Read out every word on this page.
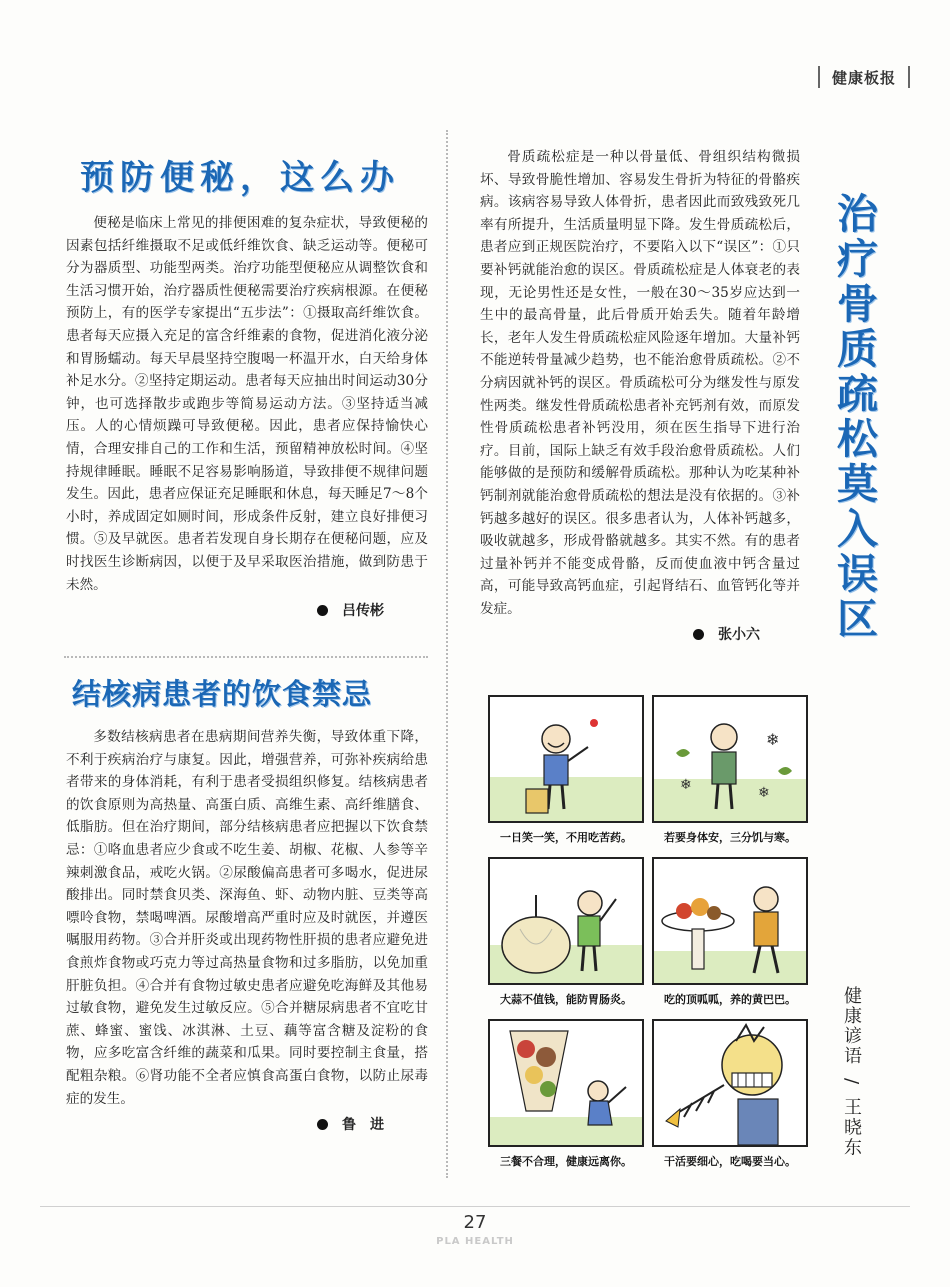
健康板报
预防便秘，这么办

便秘是临床上常见的排便困难的复杂症状，导致便秘的因素包括纤维摄取不足或低纤维饮食、缺乏运动等。便秘可分为器质型、功能型两类。治疗功能型便秘应从调整饮食和生活习惯开始，治疗器质性便秘需要治疗疾病根源。在便秘预防上，有的医学专家提出“五步法”：①摄取高纤维饮食。患者每天应摄入充足的富含纤维素的食物，促进消化液分泌和胃肠蠕动。每天早晨坚持空腹喝一杯温开水，白天给身体补足水分。②坚持定期运动。患者每天应抽出时间运动30分钟，也可选择散步或跑步等简易运动方法。③坚持适当减压。人的心情烦躁可导致便秘。因此，患者应保持愉快心情，合理安排自己的工作和生活，预留精神放松时间。④坚持规律睡眠。睡眠不足容易影响肠道，导致排便不规律问题发生。因此，患者应保证充足睡眠和休息，每天睡足7～8个小时，养成固定如厕时间，形成条件反射，建立良好排便习惯。⑤及早就医。患者若发现自身长期存在便秘问题，应及时找医生诊断病因，以便于及早采取医治措施，做到防患于未然。

吕传彬
结核病患者的饮食禁忌

多数结核病患者在患病期间营养失衡，导致体重下降，不利于疾病治疗与康复。因此，增强营养，可弥补疾病给患者带来的身体消耗，有利于患者受损组织修复。结核病患者的饮食原则为高热量、高蛋白质、高维生素、高纤维膳食、低脂肪。但在治疗期间，部分结核病患者应把握以下饮食禁忌：①咯血患者应少食或不吃生姜、胡椒、花椒、人参等辛辣刺激食品，戒吃火锅。②尿酸偏高患者可多喝水，促进尿酸排出。同时禁食贝类、深海鱼、虾、动物内脏、豆类等高嘌呤食物，禁喝啤酒。尿酸增高严重时应及时就医，并遵医嘱服用药物。③合并肝炎或出现药物性肝损的患者应避免进食煎炸食物或巧克力等过高热量食物和过多脂肪，以免加重肝脏负担。④合并有食物过敏史患者应避免吃海鲜及其他易过敏食物，避免发生过敏反应。⑤合并糖尿病患者不宜吃甘蔗、蜂蜜、蜜饯、冰淇淋、土豆、藕等富含糖及淀粉的食物，应多吃富含纤维的蔬菜和瓜果。同时要控制主食量，搭配粗杂粮。⑥肾功能不全者应慎食高蛋白食物，以防止尿毒症的发生。

鲁　进

骨质疏松症是一种以骨量低、骨组织结构微损坏、导致骨脆性增加、容易发生骨折为特征的骨骼疾病。该病容易导致人体骨折，患者因此而致残致死几率有所提升，生活质量明显下降。发生骨质疏松后，患者应到正规医院治疗，不要陷入以下“误区”：①只要补钙就能治愈的误区。骨质疏松症是人体衰老的表现，无论男性还是女性，一般在30～35岁应达到一生中的最高骨量，此后骨质开始丢失。随着年龄增长，老年人发生骨质疏松症风险逐年增加。大量补钙不能逆转骨量减少趋势，也不能治愈骨质疏松。②不分病因就补钙的误区。骨质疏松可分为继发性与原发性两类。继发性骨质疏松患者补充钙剂有效，而原发性骨质疏松患者补钙没用，须在医生指导下进行治疗。目前，国际上缺乏有效手段治愈骨质疏松。人们能够做的是预防和缓解骨质疏松。那种认为吃某种补钙制剂就能治愈骨质疏松的想法是没有依据的。③补钙越多越好的误区。很多患者认为，人体补钙越多，吸收就越多，形成骨骼就越多。其实不然。有的患者过量补钙并不能变成骨骼，反而使血液中钙含量过高，可能导致高钙血症，引起肾结石、血管钙化等并发症。

张小六 治疗骨质疏松莫入误区
一日笑一笑，不用吃苦药。
❄
❄	❄
若要身体安，三分饥与寒。
大蒜不值钱，能防胃肠炎。	吃的顶呱呱，养的黄巴巴。
三餐不合理，健康远离你。	干活要细心，吃喝要当心。
健康谚语 / 王晓东
27
PLA HEALTH
